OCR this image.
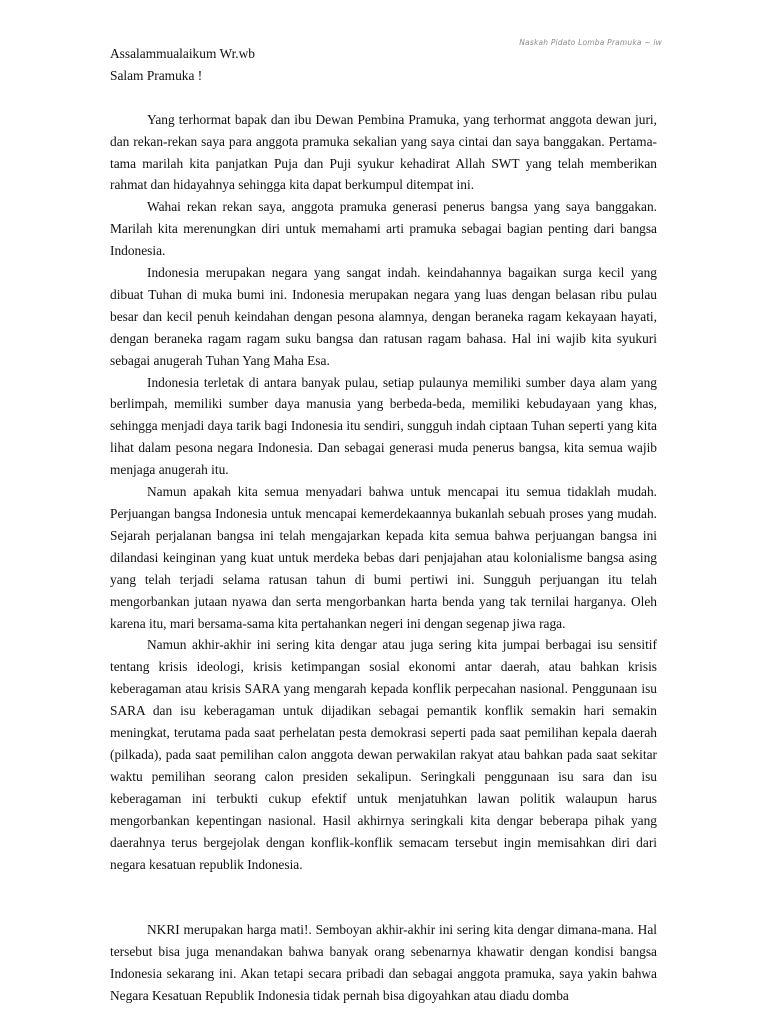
Naskah Pidato Lomba Pramuka ~ iw

Assalammualaikum Wr.wb

Salam Pramuka !

Yang terhormat bapak dan ibu Dewan Pembina Pramuka, yang terhormat anggota dewan juri, dan rekan-rekan saya para anggota pramuka sekalian yang saya cintai dan saya banggakan. Pertama-tama marilah kita panjatkan Puja dan Puji syukur kehadirat Allah SWT yang telah memberikan rahmat dan hidayahnya sehingga kita dapat berkumpul ditempat ini.

Wahai rekan rekan saya, anggota pramuka generasi penerus bangsa yang saya banggakan. Marilah kita merenungkan diri untuk memahami arti pramuka sebagai bagian penting dari bangsa Indonesia.

Indonesia merupakan negara yang sangat indah. keindahannya bagaikan surga kecil yang dibuat Tuhan di muka bumi ini. Indonesia merupakan negara yang luas dengan belasan ribu pulau besar dan kecil penuh keindahan dengan pesona alamnya, dengan beraneka ragam kekayaan hayati, dengan beraneka ragam ragam suku bangsa dan ratusan ragam bahasa. Hal ini wajib kita syukuri sebagai anugerah Tuhan Yang Maha Esa.

Indonesia terletak di antara banyak pulau, setiap pulaunya memiliki sumber daya alam yang berlimpah, memiliki sumber daya manusia yang berbeda-beda, memiliki kebudayaan yang khas, sehingga menjadi daya tarik bagi Indonesia itu sendiri, sungguh indah ciptaan Tuhan seperti yang kita lihat dalam pesona negara Indonesia. Dan sebagai generasi muda penerus bangsa, kita semua wajib menjaga anugerah itu.

Namun apakah kita semua menyadari bahwa untuk mencapai itu semua tidaklah mudah. Perjuangan bangsa Indonesia untuk mencapai kemerdekaannya bukanlah sebuah proses yang mudah. Sejarah perjalanan bangsa ini telah mengajarkan kepada kita semua bahwa perjuangan bangsa ini dilandasi keinginan yang kuat untuk merdeka bebas dari penjajahan atau kolonialisme bangsa asing yang telah terjadi selama ratusan tahun di bumi pertiwi ini. Sungguh perjuangan itu telah mengorbankan jutaan nyawa dan serta mengorbankan harta benda yang tak ternilai harganya. Oleh karena itu, mari bersama-sama kita pertahankan negeri ini dengan segenap jiwa raga.

Namun akhir-akhir ini sering kita dengar atau juga sering kita jumpai berbagai isu sensitif tentang krisis ideologi, krisis ketimpangan sosial ekonomi antar daerah, atau bahkan krisis keberagaman atau krisis SARA yang mengarah kepada konflik perpecahan nasional. Penggunaan isu SARA dan isu keberagaman untuk dijadikan sebagai pemantik konflik semakin hari semakin meningkat, terutama pada saat perhelatan pesta demokrasi seperti pada saat pemilihan kepala daerah (pilkada), pada saat pemilihan calon anggota dewan perwakilan rakyat atau bahkan pada saat sekitar waktu pemilihan seorang calon presiden sekalipun. Seringkali penggunaan isu sara dan isu keberagaman ini terbukti cukup efektif untuk menjatuhkan lawan politik walaupun harus mengorbankan kepentingan nasional. Hasil akhirnya seringkali kita dengar beberapa pihak yang daerahnya terus bergejolak dengan konflik-konflik semacam tersebut ingin memisahkan diri dari negara kesatuan republik Indonesia.

NKRI merupakan harga mati!. Semboyan akhir-akhir ini sering kita dengar dimana-mana. Hal tersebut bisa juga menandakan bahwa banyak orang sebenarnya khawatir dengan kondisi bangsa Indonesia sekarang ini. Akan tetapi secara pribadi dan sebagai anggota pramuka, saya yakin bahwa Negara Kesatuan Republik Indonesia tidak pernah bisa digoyahkan atau diadu domba
